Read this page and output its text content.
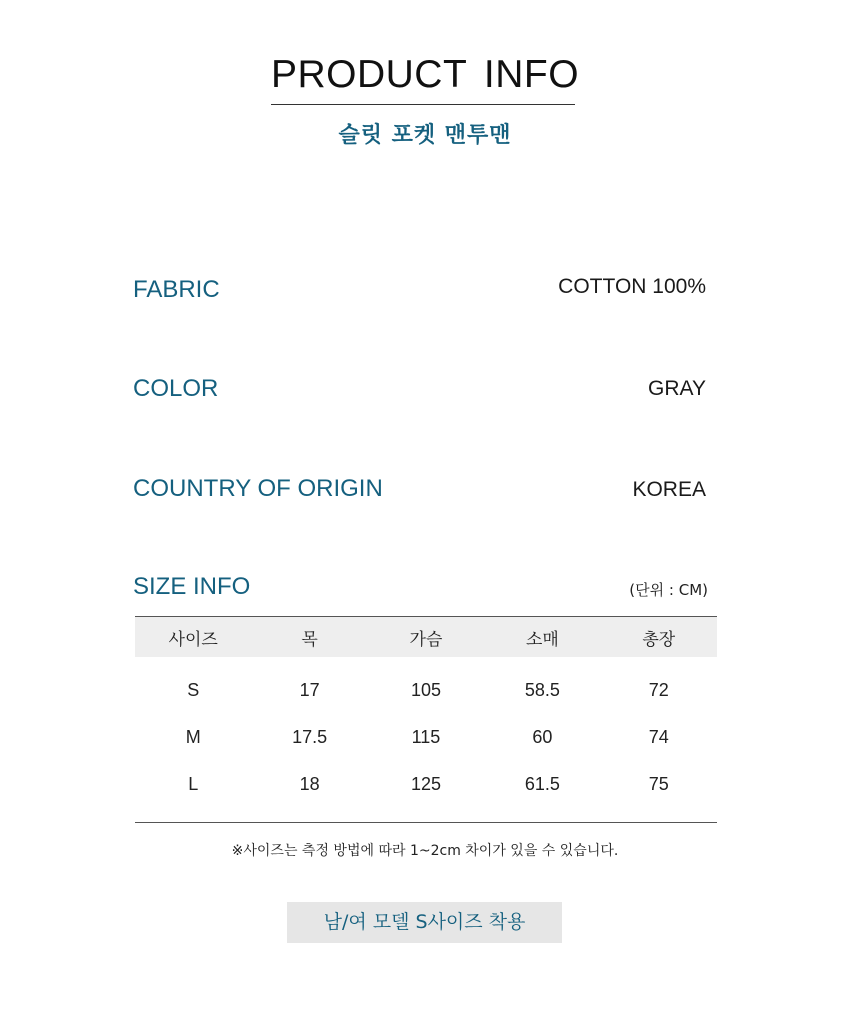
PRODUCT INFO
슬릿 포켓 맨투맨
FABRIC	COTTON 100%
COLOR	GRAY
COUNTRY OF ORIGIN	KOREA
SIZE INFO	(단위 : CM)
사이즈	목	가슴	소매	총장
S	17	105	58.5	72
M	17.5	115	60	74
L	18	125	61.5	75
※사이즈는 측정 방법에 따라 1~2cm 차이가 있을 수 있습니다.
남/여 모델 S사이즈 착용
